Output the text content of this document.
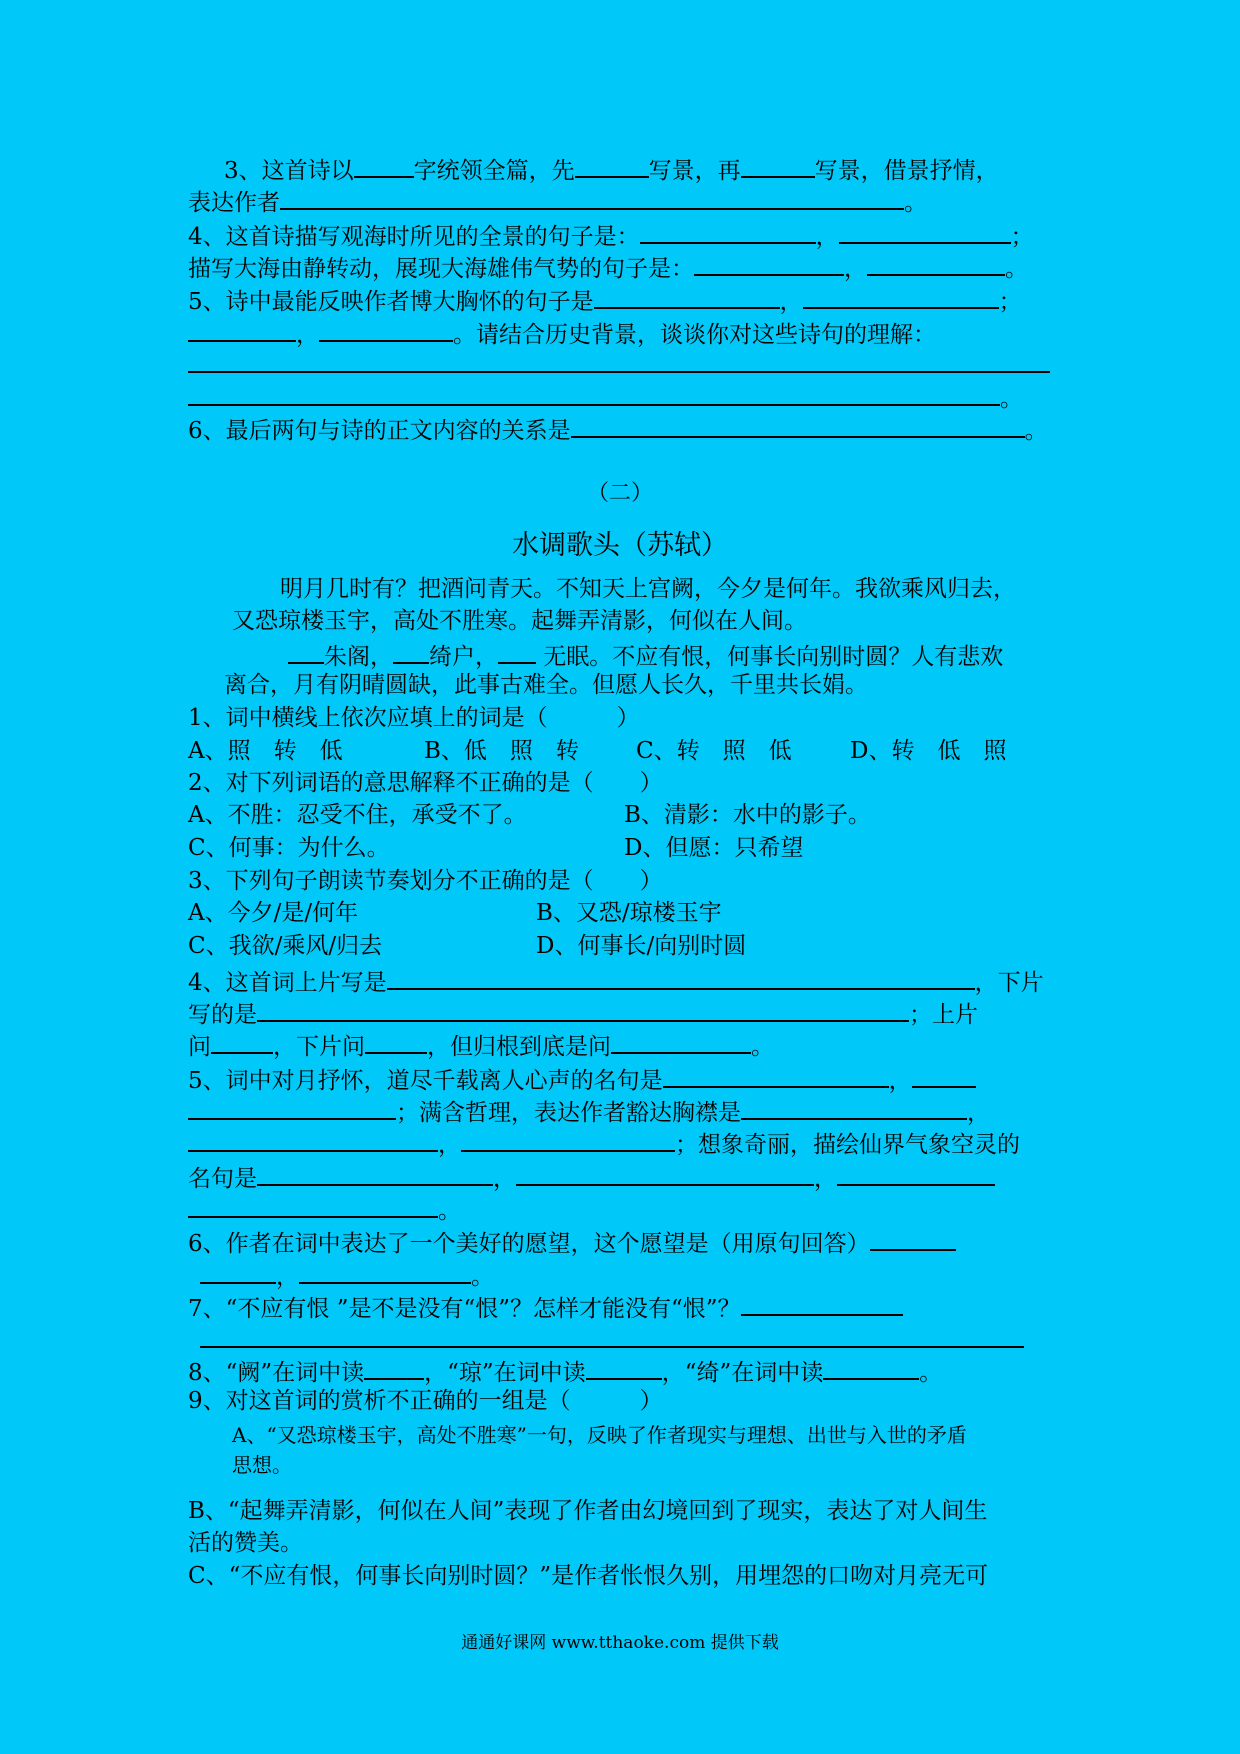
3、这首诗以	字统领全篇，先	写景，再	写景，借景抒情，
表达作者	。
4、这首诗描写观海时所见的全景的句子是：	，	；
描写大海由静转动，展现大海雄伟气势的句子是：	，	。
5、诗中最能反映作者博大胸怀的句子是	，	；
，	。请结合历史背景，谈谈你对这些诗句的理解：
。
6、最后两句与诗的正文内容的关系是	。
（二）
水调歌头（苏轼）
明月几时有？把酒问青天。不知天上宫阙，今夕是何年。我欲乘风归去，
又恐琼楼玉宇，高处不胜寒。起舞弄清影，何似在人间。
朱阁， 绮户， 无眠。不应有恨，何事长向别时圆？人有悲欢
离合，月有阴晴圆缺，此事古难全。但愿人长久，千里共长娟。
1、词中横线上依次应填上的词是（　　　）
A、照　转　低	B、低　照　转 C、转　照　低	D、转　低　照
2、对下列词语的意思解释不正确的是（　　）
A、不胜：忍受不住，承受不了。	B、清影：水中的影子。
C、何事：为什么。	D、但愿：只希望
3、下列句子朗读节奏划分不正确的是（　　）
A、今夕/是/何年	B、又恐/琼楼玉宇
C、我欲/乘风/归去	D、何事长/向别时圆
4、这首词上片写是	，下片
写的是	；上片
问	，下片问	，但归根到底是问	。
5、词中对月抒怀，道尽千载离人心声的名句是	，
；满含哲理，表达作者豁达胸襟是	，
，	；想象奇丽，描绘仙界气象空灵的
名句是	，	，
。
6、作者在词中表达了一个美好的愿望，这个愿望是（用原句回答）
，	。
7、“不应有恨 ”是不是没有“恨”？怎样才能没有“恨”？
8、“阙”在词中读	，“琼”在词中读	，“绮”在词中读	。
9、对这首词的赏析不正确的一组是（　　　）
A、“又恐琼楼玉宇，高处不胜寒”一句，反映了作者现实与理想、出世与入世的矛盾
思想。
B、“起舞弄清影，何似在人间”表现了作者由幻境回到了现实，表达了对人间生
活的赞美。
C、“不应有恨，何事长向别时圆？”是作者怅恨久别，用埋怨的口吻对月亮无可
通通好课网 www.tthaoke.com 提供下载
